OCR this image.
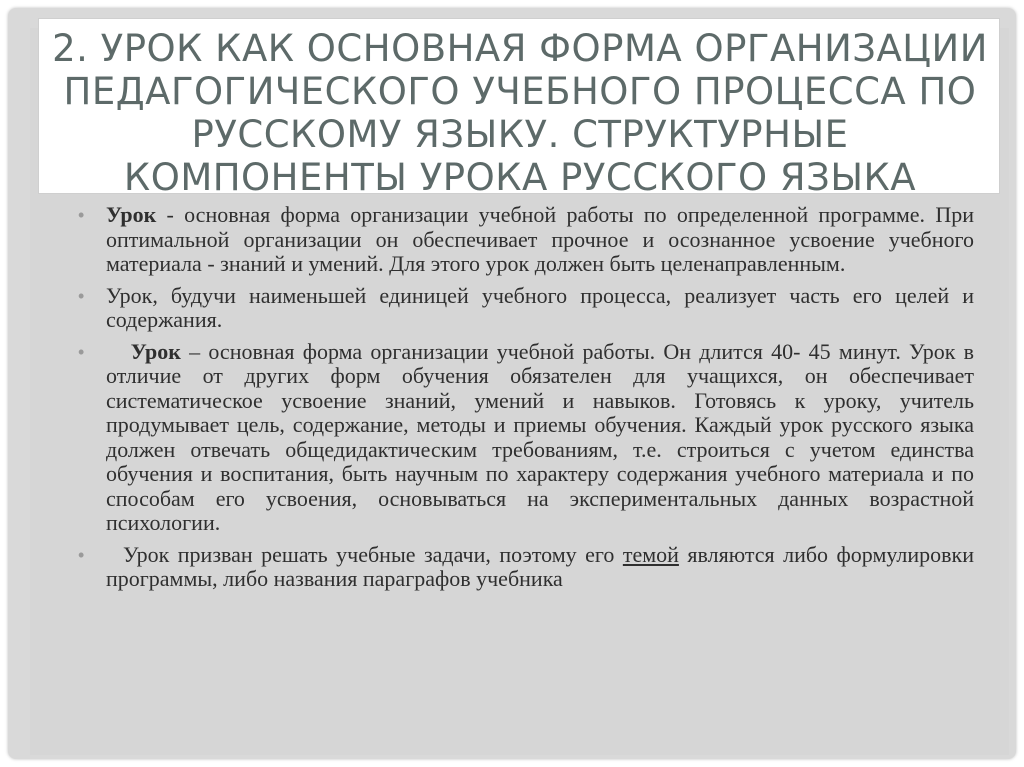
2. УРОК КАК ОСНОВНАЯ ФОРМА ОРГАНИЗАЦИИ ПЕДАГОГИЧЕСКОГО УЧЕБНОГО ПРОЦЕССА ПО РУССКОМУ ЯЗЫКУ. СТРУКТУРНЫЕ КОМПОНЕНТЫ УРОКА РУССКОГО ЯЗЫКА
• Урок - основная форма организации учебной работы по определенной программе. При оптимальной организации он обеспечивает прочное и осознанное усвоение учебного материала - знаний и умений. Для этого урок должен быть целенаправленным.
• Урок, будучи наименьшей единицей учебного процесса, реализует часть его целей и содержания.
• Урок – основная форма организации учебной работы. Он длится 40- 45 минут. Урок в отличие от других форм обучения обязателен для учащихся, он обеспечивает систематическое усвоение знаний, умений и навыков. Готовясь к уроку, учитель продумывает цель, содержание, методы и приемы обучения. Каждый урок русского языка должен отвечать общедидактическим требованиям, т.е. строиться с учетом единства обучения и воспитания, быть научным по характеру содержания учебного материала и по способам его усвоения, основываться на экспериментальных данных возрастной психологии.
• Урок призван решать учебные задачи, поэтому его темой являются либо формулировки программы, либо названия параграфов учебника
